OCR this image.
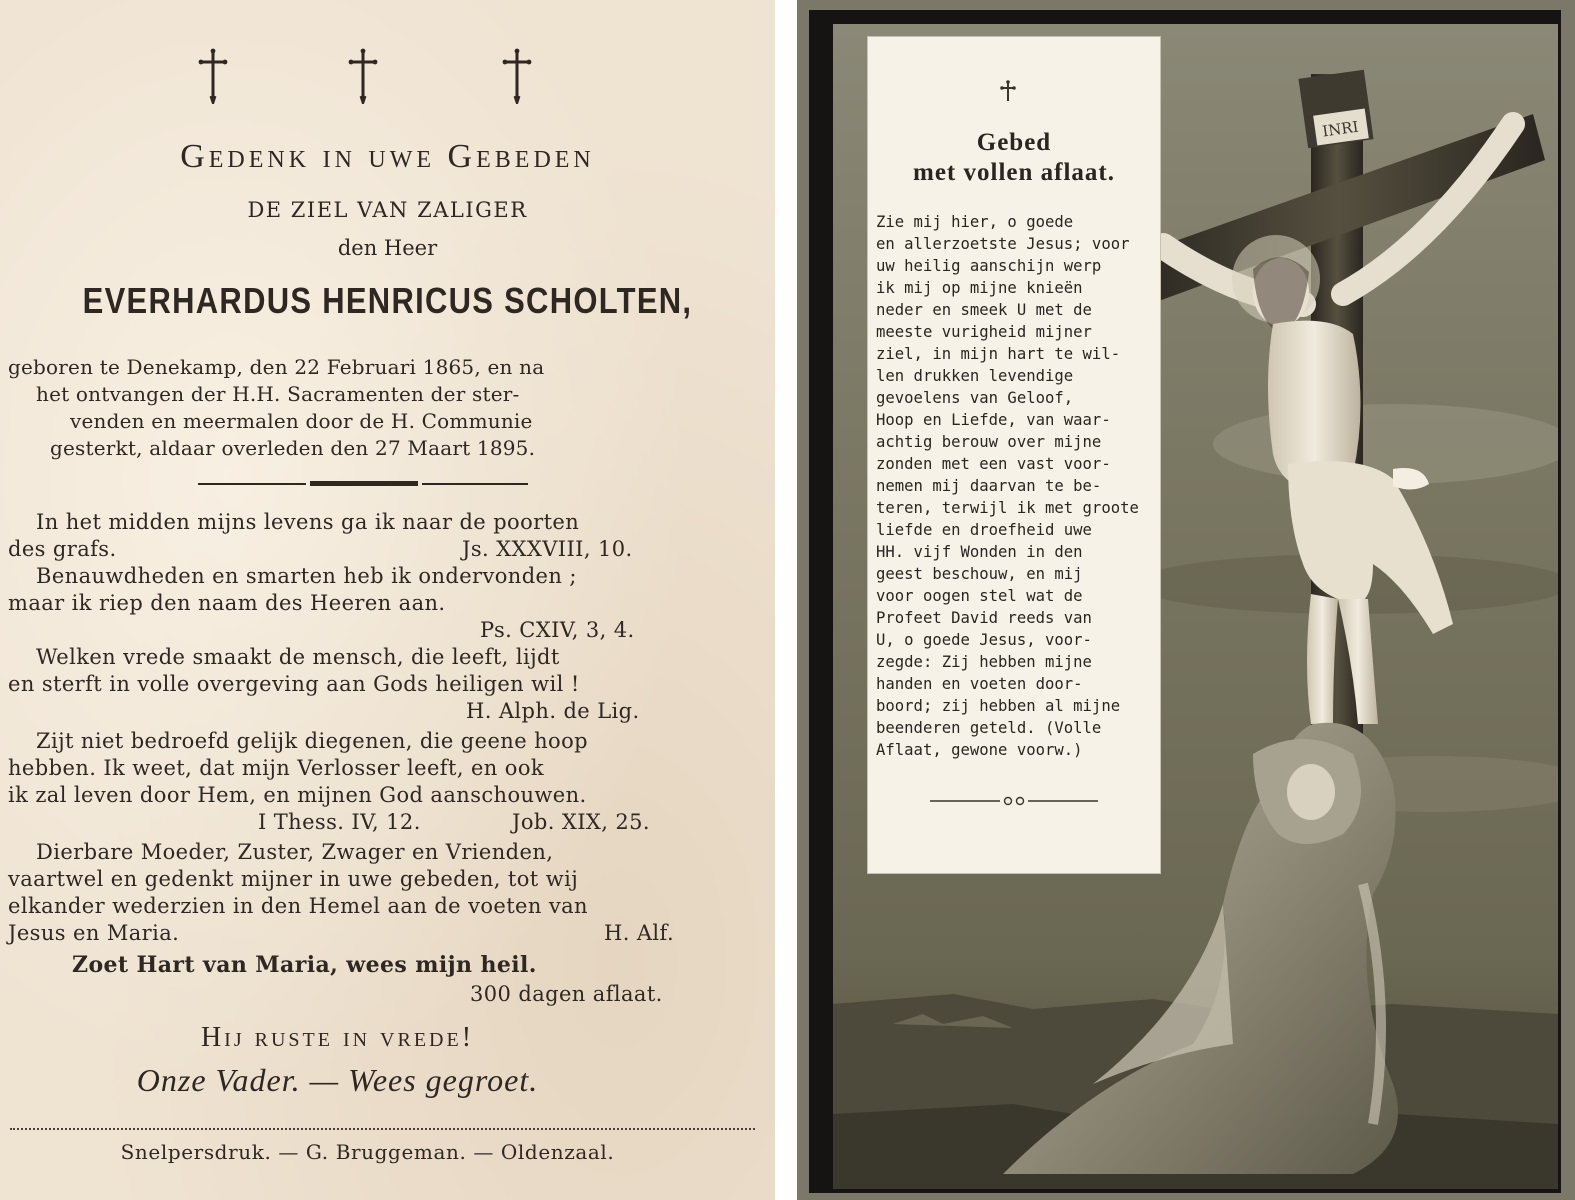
Gedenk in uwe Gebeden
DE ZIEL VAN ZALIGER
den Heer
EVERHARDUS HENRICUS SCHOLTEN,
geboren te Denekamp, den 22 Februari 1865, en na
het ontvangen der H.H. Sacramenten der ster-
venden en meermalen door de H. Communie
gesterkt, aldaar overleden den 27 Maart 1895.
In het midden mijns levens ga ik naar de poorten
des grafs.	Js. XXXVIII, 10.
Benauwdheden en smarten heb ik ondervonden ;
maar ik riep den naam des Heeren aan.
Ps. CXIV, 3, 4.
Welken vrede smaakt de mensch, die leeft, lijdt
en sterft in volle overgeving aan Gods heiligen wil !
H. Alph. de Lig.
Zijt niet bedroefd gelijk diegenen, die geene hoop
hebben. Ik weet, dat mijn Verlosser leeft, en ook
ik zal leven door Hem, en mijnen God aanschouwen.
I Thess. IV, 12.	Job. XIX, 25.
Dierbare Moeder, Zuster, Zwager en Vrienden,
vaartwel en gedenkt mijner in uwe gebeden, tot wij
elkander wederzien in den Hemel aan de voeten van
Jesus en Maria.	H. Alf.
Zoet Hart van Maria, wees mijn heil.
300 dagen aflaat.
Hij ruste in vrede!
Onze Vader. — Wees gegroet.
Snelpersdruk. — G. Bruggeman. — Oldenzaal.
INRI
Gebed
met vollen aflaat.
Zie mij hier, o goede
en allerzoetste Jesus; voor
uw heilig aanschijn werp
ik mij op mijne knieën
neder en smeek U met de
meeste vurigheid mijner
ziel, in mijn hart te wil-
len drukken levendige
gevoelens van Geloof,
Hoop en Liefde, van waar-
achtig berouw over mijne
zonden met een vast voor-
nemen mij daarvan te be-
teren, terwijl ik met groote
liefde en droefheid uwe
HH. vijf Wonden in den
geest beschouw, en mij
voor oogen stel wat de
Profeet David reeds van
U, o goede Jesus, voor-
zegde: Zij hebben mijne
handen en voeten door-
boord; zij hebben al mijne
beenderen geteld. (Volle
Aflaat, gewone voorw.)
